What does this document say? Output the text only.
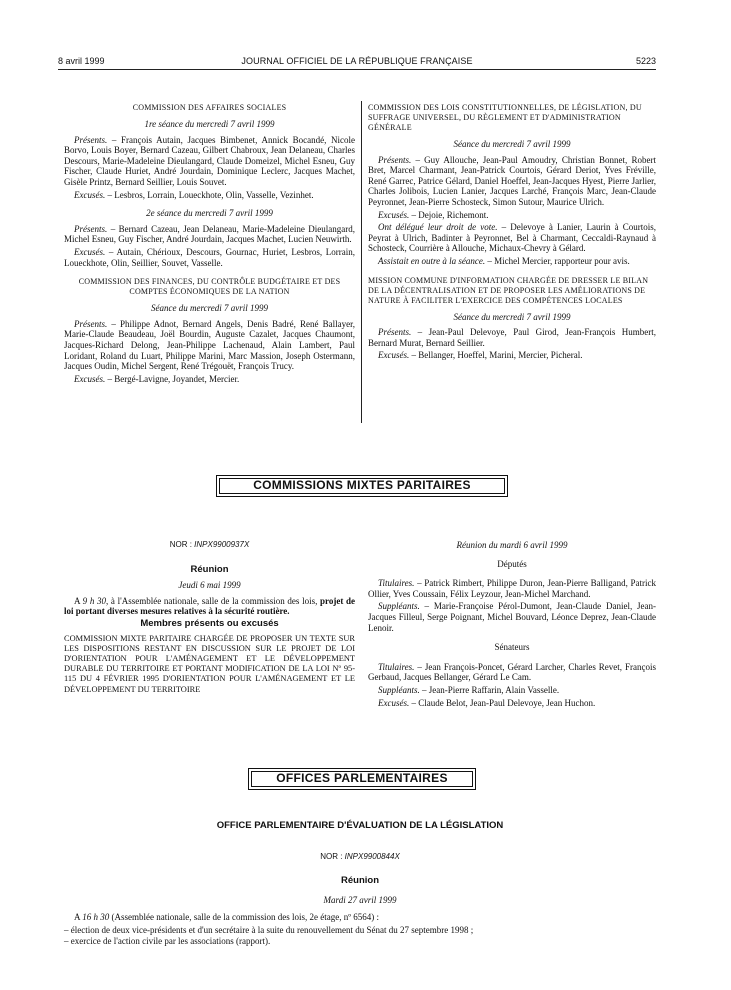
8 avril 1999	JOURNAL OFFICIEL DE LA RÉPUBLIQUE FRANÇAISE	5223
COMMISSION DES AFFAIRES SOCIALES
1re séance du mercredi 7 avril 1999

Présents. – François Autain, Jacques Bimbenet, Annick Bocandé, Nicole Borvo, Louis Boyer, Bernard Cazeau, Gilbert Chabroux, Jean Delaneau, Charles Descours, Marie-Madeleine Dieulangard, Claude Domeizel, Michel Esneu, Guy Fischer, Claude Huriet, André Jourdain, Dominique Leclerc, Jacques Machet, Gisèle Printz, Bernard Seillier, Louis Souvet.

Excusés. – Lesbros, Lorrain, Loueckhote, Olin, Vasselle, Vezinhet.

2e séance du mercredi 7 avril 1999

Présents. – Bernard Cazeau, Jean Delaneau, Marie-Madeleine Dieulangard, Michel Esneu, Guy Fischer, André Jourdain, Jacques Machet, Lucien Neuwirth.

Excusés. – Autain, Chérioux, Descours, Gournac, Huriet, Lesbros, Lorrain, Loueckhote, Olin, Seillier, Souvet, Vasselle.

COMMISSION DES FINANCES, DU CONTRÔLE BUDGÉTAIRE ET DES COMPTES ÉCONOMIQUES DE LA NATION
Séance du mercredi 7 avril 1999

Présents. – Philippe Adnot, Bernard Angels, Denis Badré, René Ballayer, Marie-Claude Beaudeau, Joël Bourdin, Auguste Cazalet, Jacques Chaumont, Jacques-Richard Delong, Jean-Philippe Lachenaud, Alain Lambert, Paul Loridant, Roland du Luart, Philippe Marini, Marc Massion, Joseph Ostermann, Jacques Oudin, Michel Sergent, René Trégouët, François Trucy.

Excusés. – Bergé-Lavigne, Joyandet, Mercier.

COMMISSION DES LOIS CONSTITUTIONNELLES, DE LÉGISLATION, DU SUFFRAGE UNIVERSEL, DU RÈGLEMENT ET D'ADMINISTRATION GÉNÉRALE
Séance du mercredi 7 avril 1999

Présents. – Guy Allouche, Jean-Paul Amoudry, Christian Bonnet, Robert Bret, Marcel Charmant, Jean-Patrick Courtois, Gérard Deriot, Yves Fréville, René Garrec, Patrice Gélard, Daniel Hoeffel, Jean-Jacques Hyest, Pierre Jarlier, Charles Jolibois, Lucien Lanier, Jacques Larché, François Marc, Jean-Claude Peyronnet, Jean-Pierre Schosteck, Simon Sutour, Maurice Ulrich.

Excusés. – Dejoie, Richemont.

Ont délégué leur droit de vote. – Delevoye à Lanier, Laurin à Courtois, Peyrat à Ulrich, Badinter à Peyronnet, Bel à Charmant, Ceccaldi-Raynaud à Schosteck, Courrière à Allouche, Michaux-Chevry à Gélard.

Assistait en outre à la séance. – Michel Mercier, rapporteur pour avis.

MISSION COMMUNE D'INFORMATION CHARGÉE DE DRESSER LE BILAN DE LA DÉCENTRALISATION ET DE PROPOSER LES AMÉLIORATIONS DE NATURE À FACILITER L'EXERCICE DES COMPÉTENCES LOCALES
Séance du mercredi 7 avril 1999

Présents. – Jean-Paul Delevoye, Paul Girod, Jean-François Humbert, Bernard Murat, Bernard Seillier.

Excusés. – Bellanger, Hoeffel, Marini, Mercier, Picheral.

COMMISSIONS MIXTES PARITAIRES
NOR : INPX9900937X
Réunion
Jeudi 6 mai 1999

A 9 h 30, à l'Assemblée nationale, salle de la commission des lois, projet de loi portant diverses mesures relatives à la sécurité routière.

Membres présents ou excusés

COMMISSION MIXTE PARITAIRE CHARGÉE DE PROPOSER UN TEXTE SUR LES DISPOSITIONS RESTANT EN DISCUSSION SUR LE PROJET DE LOI D'ORIENTATION POUR L'AMÉNAGEMENT ET LE DÉVELOPPEMENT DURABLE DU TERRITOIRE ET PORTANT MODIFICATION DE LA LOI Nº 95-115 DU 4 FÉVRIER 1995 D'ORIENTATION POUR L'AMÉNAGEMENT ET LE DÉVELOPPEMENT DU TERRITOIRE

Réunion du mardi 6 avril 1999
Députés

Titulaires. – Patrick Rimbert, Philippe Duron, Jean-Pierre Balligand, Patrick Ollier, Yves Coussain, Félix Leyzour, Jean-Michel Marchand.

Suppléants. – Marie-Françoise Pérol-Dumont, Jean-Claude Daniel, Jean-Jacques Filleul, Serge Poignant, Michel Bouvard, Léonce Deprez, Jean-Claude Lenoir.

Sénateurs

Titulaires. – Jean François-Poncet, Gérard Larcher, Charles Revet, François Gerbaud, Jacques Bellanger, Gérard Le Cam.

Suppléants. – Jean-Pierre Raffarin, Alain Vasselle.

Excusés. – Claude Belot, Jean-Paul Delevoye, Jean Huchon.

OFFICES PARLEMENTAIRES
OFFICE PARLEMENTAIRE D'ÉVALUATION DE LA LÉGISLATION
NOR : INPX9900844X
Réunion
Mardi 27 avril 1999

A 16 h 30 (Assemblée nationale, salle de la commission des lois, 2e étage, nº 6564) :

– élection de deux vice-présidents et d'un secrétaire à la suite du renouvellement du Sénat du 27 septembre 1998 ;

– exercice de l'action civile par les associations (rapport).
